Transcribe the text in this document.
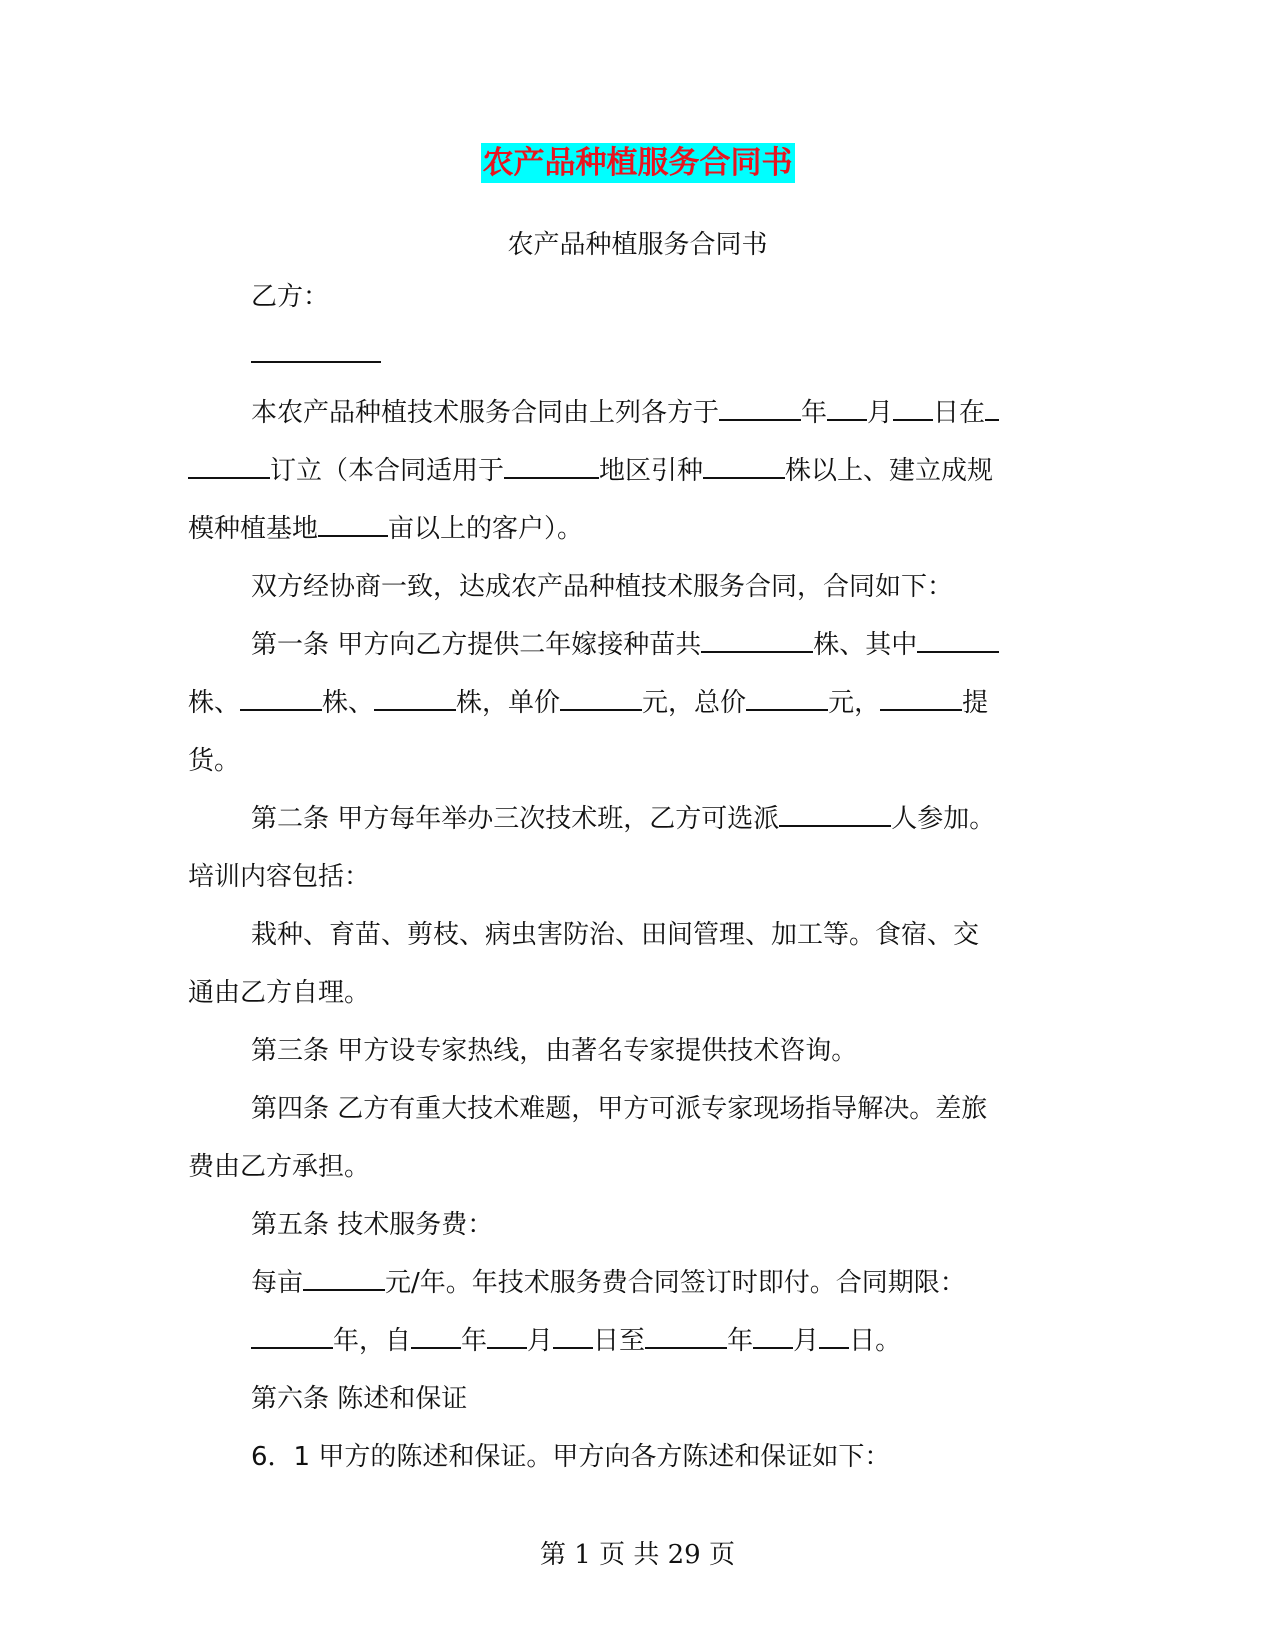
农产品种植服务合同书
农产品种植服务合同书

乙方：

本农产品种植技术服务合同由上列各方于	年 月 日在

订立（本合同适用于	地区引种	株以上、建立成规

模种植基地	亩以上的客户）。

双方经协商一致，达成农产品种植技术服务合同，合同如下：

第一条 甲方向乙方提供二年嫁接种苗共	株、其中

株、	株、	株，单价	元，总价	元，	提

货。

第二条 甲方每年举办三次技术班，乙方可选派	人参加。

培训内容包括：

栽种、育苗、剪枝、病虫害防治、田间管理、加工等。食宿、交

通由乙方自理。

第三条 甲方设专家热线，由著名专家提供技术咨询。

第四条 乙方有重大技术难题，甲方可派专家现场指导解决。差旅

费由乙方承担。

第五条 技术服务费：

每亩	元/年。年技术服务费合同签订时即付。合同期限：

年，自 年 月 日至	年 月 日。

第六条 陈述和保证

6．1 甲方的陈述和保证。甲方向各方陈述和保证如下：

第 1 页 共 29 页
